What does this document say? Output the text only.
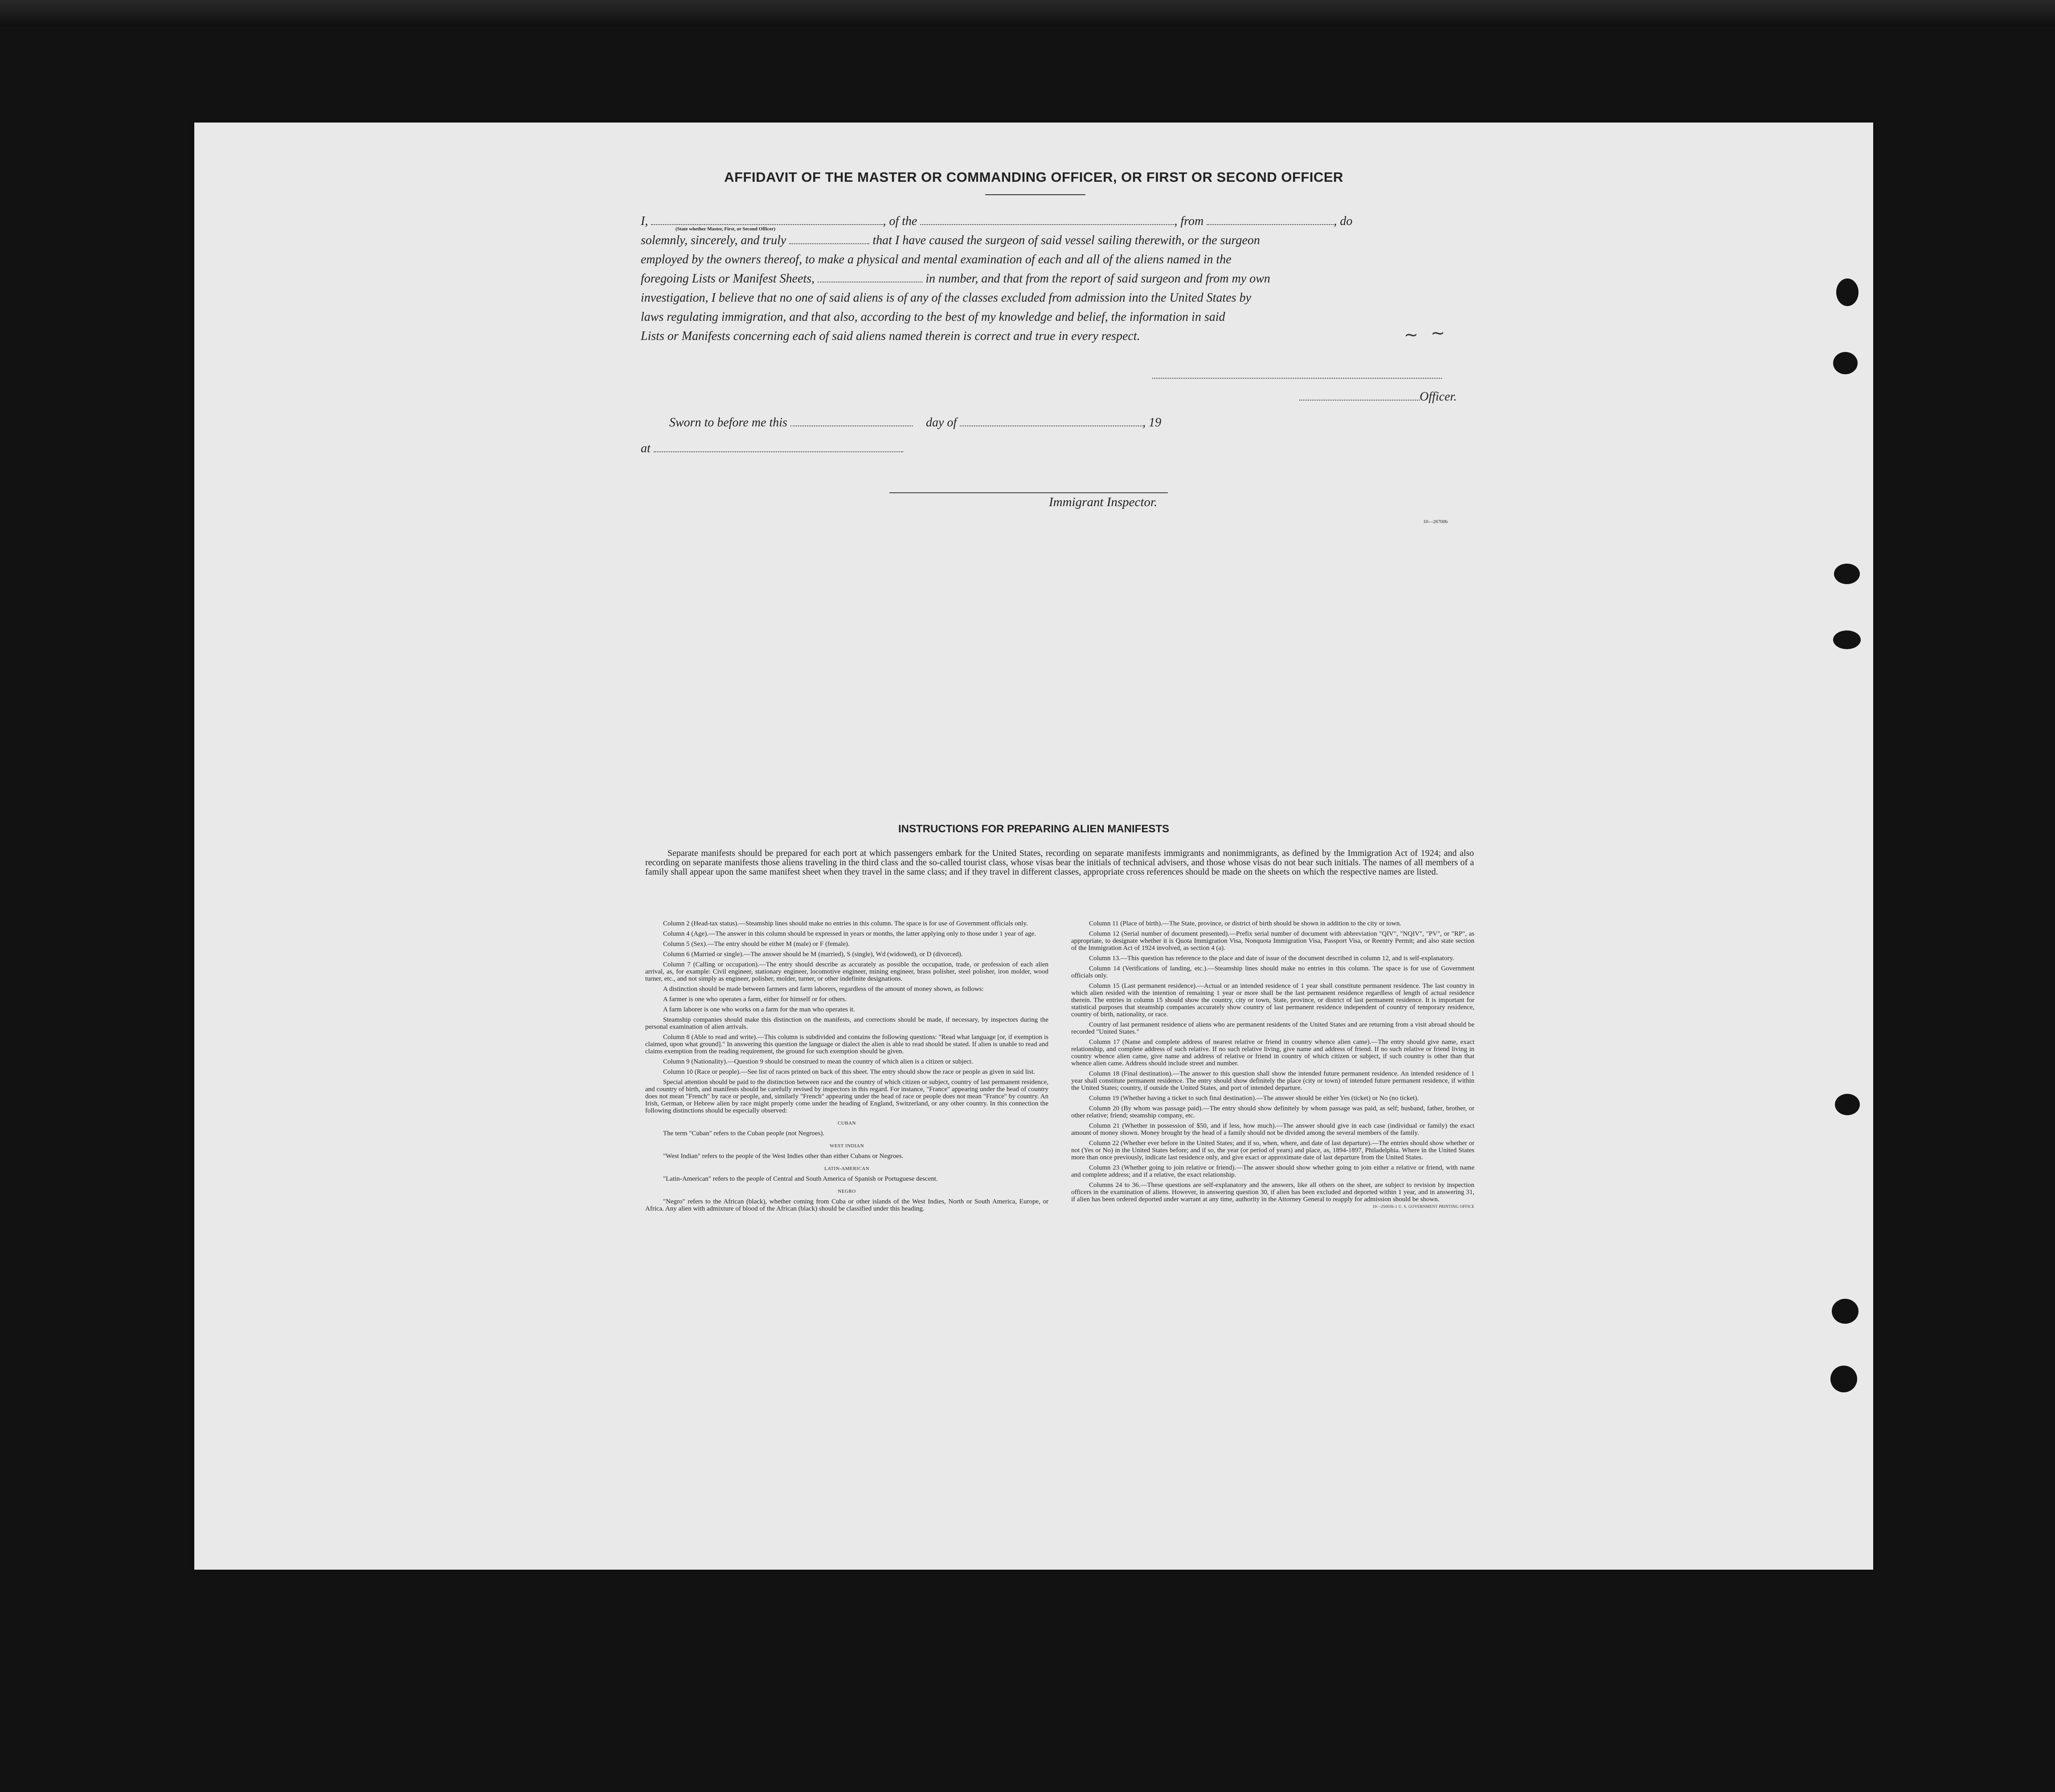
AFFIDAVIT OF THE MASTER OR COMMANDING OFFICER, OR FIRST OR SECOND OFFICER
I,	, of the	, from	, do
solemnly, sincerely, and truly	that I have caused the surgeon of said vessel sailing therewith, or the surgeon
employed by the owners thereof, to make a physical and mental examination of each and all of the aliens named in the
foregoing Lists or Manifest Sheets,	in number, and that from the report of said surgeon and from my own
investigation, I believe that no one of said aliens is of any of the classes excluded from admission into the United States by
laws regulating immigration, and that also, according to the best of my knowledge and belief, the information in said
Lists or Manifests concerning each of said aliens named therein is correct and true in every respect.
(State whether Master, First, or Second Officer)
~ ~
Officer.
Sworn to before me this	day of	, 19
at
Immigrant Inspector.
10—26700b
INSTRUCTIONS FOR PREPARING ALIEN MANIFESTS
Separate manifests should be prepared for each port at which passengers embark for the United States, recording on separate manifests immigrants and nonimmigrants, as defined by the Immigration Act of 1924; and also recording on separate manifests those aliens traveling in the third class and the so-called tourist class, whose visas bear the initials of technical advisers, and those whose visas do not bear such initials. The names of all members of a family shall appear upon the same manifest sheet when they travel in the same class; and if they travel in different classes, appropriate cross references should be made on the sheets on which the respective names are listed.

Column 2 (Head-tax status).—Steamship lines should make no entries in this column. The space is for use of Government officials only.

Column 4 (Age).—The answer in this column should be expressed in years or months, the latter applying only to those under 1 year of age.

Column 5 (Sex).—The entry should be either M (male) or F (female).

Column 6 (Married or single).—The answer should be M (married), S (single), Wd (widowed), or D (divorced).

Column 7 (Calling or occupation).—The entry should describe as accurately as possible the occupation, trade, or profession of each alien arrival, as, for example: Civil engineer, stationary engineer, locomotive engineer, mining engineer, brass polisher, steel polisher, iron molder, wood turner, etc., and not simply as engineer, polisher, molder, turner, or other indefinite designations.

A distinction should be made between farmers and farm laborers, regardless of the amount of money shown, as follows:

A farmer is one who operates a farm, either for himself or for others.

A farm laborer is one who works on a farm for the man who operates it.

Steamship companies should make this distinction on the manifests, and corrections should be made, if necessary, by inspectors during the personal examination of alien arrivals.

Column 8 (Able to read and write).—This column is subdivided and contains the following questions: "Read what language [or, if exemption is claimed, upon what ground]." In answering this question the language or dialect the alien is able to read should be stated. If alien is unable to read and claims exemption from the reading requirement, the ground for such exemption should be given.

Column 9 (Nationality).—Question 9 should be construed to mean the country of which alien is a citizen or subject.

Column 10 (Race or people).—See list of races printed on back of this sheet. The entry should show the race or people as given in said list.

Special attention should be paid to the distinction between race and the country of which citizen or subject, country of last permanent residence, and country of birth, and manifests should be carefully revised by inspectors in this regard. For instance, "France" appearing under the head of country does not mean "French" by race or people, and, similarly "French" appearing under the head of race or people does not mean "France" by country. An Irish, German, or Hebrew alien by race might properly come under the heading of England, Switzerland, or any other country. In this connection the following distinctions should be especially observed:

CUBAN

The term "Cuban" refers to the Cuban people (not Negroes).

WEST INDIAN

"West Indian" refers to the people of the West Indies other than either Cubans or Negroes.

LATIN-AMERICAN

"Latin-American" refers to the people of Central and South America of Spanish or Portuguese descent.

NEGRO

"Negro" refers to the African (black), whether coming from Cuba or other islands of the West Indies, North or South America, Europe, or Africa. Any alien with admixture of blood of the African (black) should be classified under this heading.

Column 11 (Place of birth).—The State, province, or district of birth should be shown in addition to the city or town.

Column 12 (Serial number of document presented).—Prefix serial number of document with abbreviation "QIV", "NQIV", "PV", or "RP", as appropriate, to designate whether it is Quota Immigration Visa, Nonquota Immigration Visa, Passport Visa, or Reentry Permit; and also state section of the Immigration Act of 1924 involved, as section 4 (a).

Column 13.—This question has reference to the place and date of issue of the document described in column 12, and is self-explanatory.

Column 14 (Verifications of landing, etc.).—Steamship lines should make no entries in this column. The space is for use of Government officials only.

Column 15 (Last permanent residence).—Actual or an intended residence of 1 year shall constitute permanent residence. The last country in which alien resided with the intention of remaining 1 year or more shall be the last permanent residence regardless of length of actual residence therein. The entries in column 15 should show the country, city or town, State, province, or district of last permanent residence. It is important for statistical purposes that steamship companies accurately show country of last permanent residence independent of country of temporary residence, country of birth, nationality, or race.

Country of last permanent residence of aliens who are permanent residents of the United States and are returning from a visit abroad should be recorded "United States."

Column 17 (Name and complete address of nearest relative or friend in country whence alien came).—The entry should give name, exact relationship, and complete address of such relative. If no such relative living, give name and address of friend. If no such relative or friend living in country whence alien came, give name and address of relative or friend in country of which citizen or subject, if such country is other than that whence alien came. Address should include street and number.

Column 18 (Final destination).—The answer to this question shall show the intended future permanent residence. An intended residence of 1 year shall constitute permanent residence. The entry should show definitely the place (city or town) of intended future permanent residence, if within the United States; country, if outside the United States, and port of intended departure.

Column 19 (Whether having a ticket to such final destination).—The answer should be either Yes (ticket) or No (no ticket).

Column 20 (By whom was passage paid).—The entry should show definitely by whom passage was paid, as self; husband, father, brother, or other relative; friend; steamship company, etc.

Column 21 (Whether in possession of $50, and if less, how much).—The answer should give in each case (individual or family) the exact amount of money shown. Money brought by the head of a family should not be divided among the several members of the family.

Column 22 (Whether ever before in the United States; and if so, when, where, and date of last departure).—The entries should show whether or not (Yes or No) in the United States before; and if so, the year (or period of years) and place, as, 1894-1897, Philadelphia. Where in the United States more than once previously, indicate last residence only, and give exact or approximate date of last departure from the United States.

Column 23 (Whether going to join relative or friend).—The answer should show whether going to join either a relative or friend, with name and complete address; and if a relative, the exact relationship.

Columns 24 to 36.—These questions are self-explanatory and the answers, like all others on the sheet, are subject to revision by inspection officers in the examination of aliens. However, in answering question 30, if alien has been excluded and deported within 1 year, and in answering 31, if alien has been ordered deported under warrant at any time, authority in the Attorney General to reapply for admission should be shown.
10—25003b-1 U. S. GOVERNMENT PRINTING OFFICE
